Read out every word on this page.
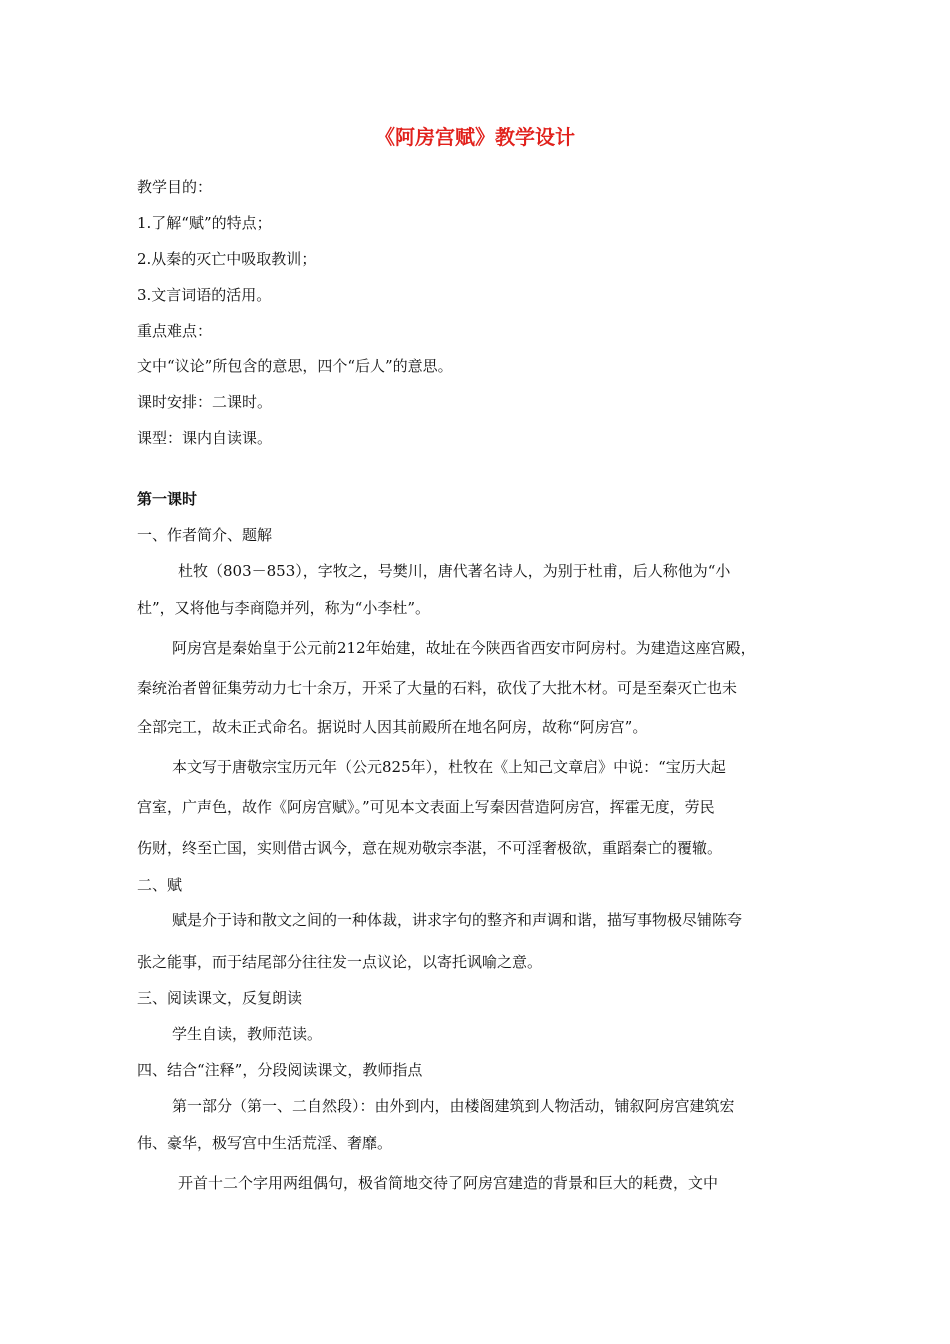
《阿房宫赋》教学设计

教学目的：

1.了解“赋”的特点；

2.从秦的灭亡中吸取教训；

3.文言词语的活用。

重点难点：

文中“议论”所包含的意思，四个“后人”的意思。

课时安排：二课时。

课型：课内自读课。

第一课时

一、作者简介、题解

杜牧（803－853），字牧之，号樊川，唐代著名诗人，为别于杜甫，后人称他为“小

杜”，又将他与李商隐并列，称为“小李杜”。

阿房宫是秦始皇于公元前212年始建，故址在今陕西省西安市阿房村。为建造这座宫殿，

秦统治者曾征集劳动力七十余万，开采了大量的石料，砍伐了大批木材。可是至秦灭亡也未

全部完工，故未正式命名。据说时人因其前殿所在地名阿房，故称“阿房宫”。

本文写于唐敬宗宝历元年（公元825年），杜牧在《上知己文章启》中说：“宝历大起

宫室，广声色，故作《阿房宫赋》。”可见本文表面上写秦因营造阿房宫，挥霍无度，劳民

伤财，终至亡国，实则借古讽今，意在规劝敬宗李湛，不可淫奢极欲，重蹈秦亡的覆辙。

二、赋

赋是介于诗和散文之间的一种体裁，讲求字句的整齐和声调和谐，描写事物极尽铺陈夸

张之能事，而于结尾部分往往发一点议论，以寄托讽喻之意。

三、阅读课文，反复朗读

学生自读，教师范读。

四、结合“注释”，分段阅读课文，教师指点

第一部分（第一、二自然段）：由外到内，由楼阁建筑到人物活动，铺叙阿房宫建筑宏

伟、豪华，极写宫中生活荒淫、奢靡。

开首十二个字用两组偶句，极省简地交待了阿房宫建造的背景和巨大的耗费，文中
